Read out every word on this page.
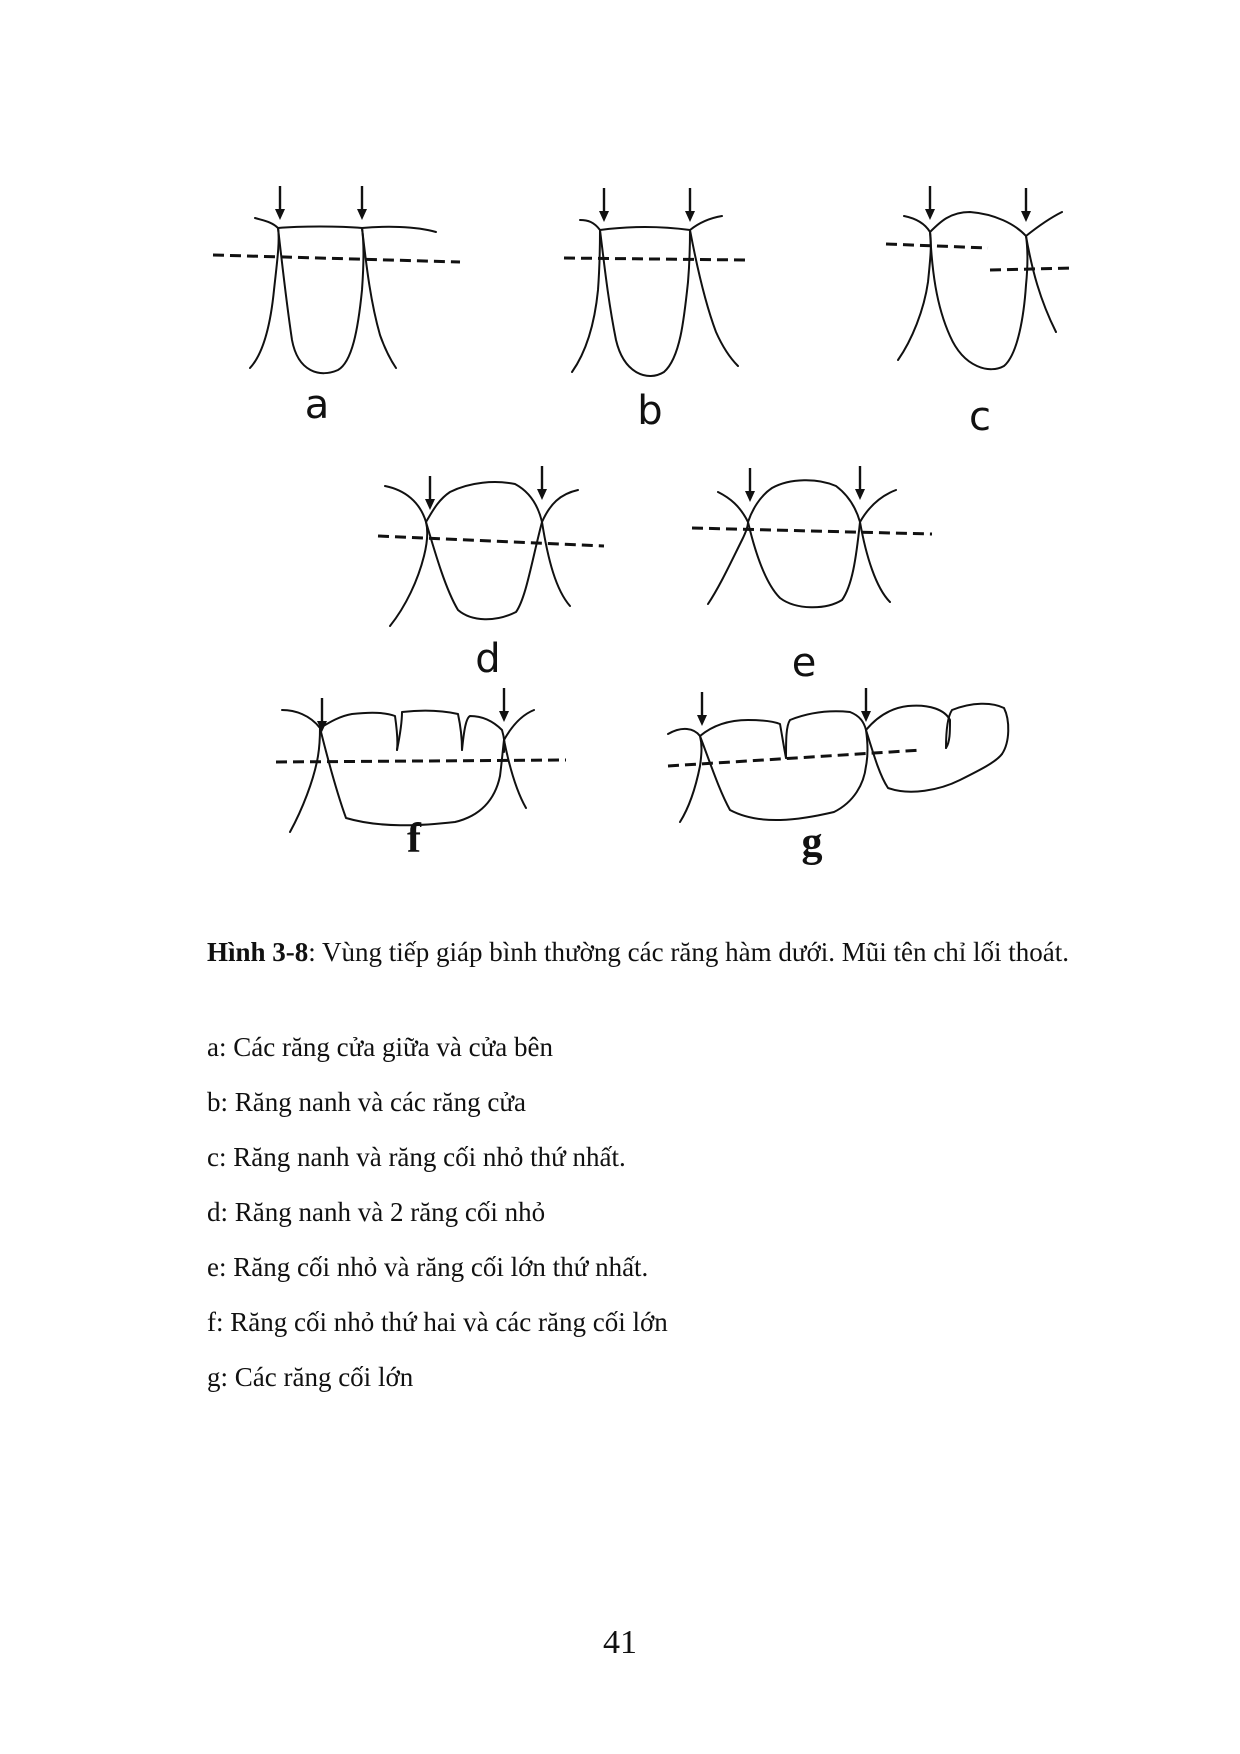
a	b	c
d	e
f	g
Hình 3-8: Vùng tiếp giáp bình thường các răng hàm dưới. Mũi tên chỉ lối thoát.
a: Các răng cửa giữa và cửa bên
b: Răng nanh và các răng cửa
c: Răng nanh và răng cối nhỏ thứ nhất.
d: Răng nanh và 2 răng cối nhỏ
e: Răng cối nhỏ và răng cối lớn thứ nhất.
f: Răng cối nhỏ thứ hai và các răng cối lớn
g: Các răng cối lớn
41
